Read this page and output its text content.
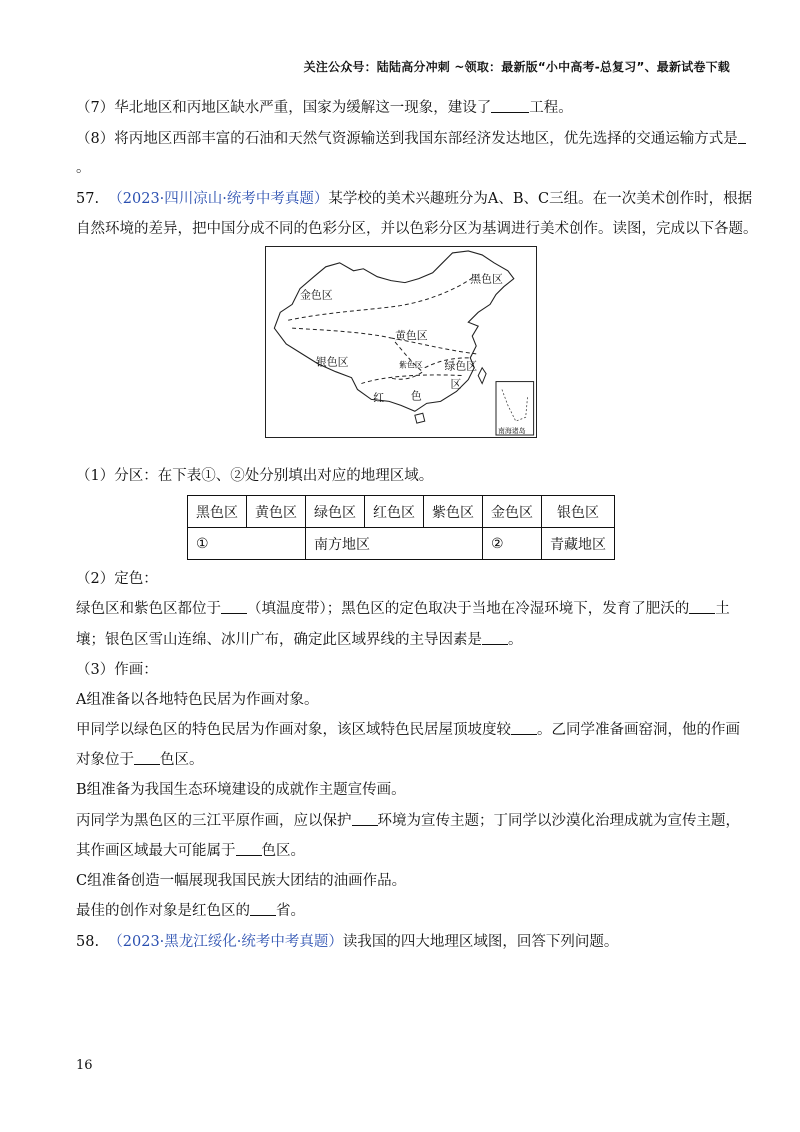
关注公众号：陆陆高分冲刺 ~领取：最新版“小中高考-总复习”、最新试卷下载
（7）华北地区和丙地区缺水严重，国家为缓解这一现象，建设了	工程。
（8）将丙地区西部丰富的石油和天然气资源输送到我国东部经济发达地区，优先选择的交通运输方式是
。
57. （2023·四川凉山·统考中考真题）某学校的美术兴趣班分为A、B、C三组。在一次美术创作时，根据
自然环境的差异，把中国分成不同的色彩分区，并以色彩分区为基调进行美术创作。读图，完成以下各题。
黑色区
金色区
黄色区
绿色区
区
银色区	紫色区
红 色
南海诸岛
（1）分区：在下表①、②处分别填出对应的地理区域。
黑色区	黄色区	绿色区	红色区	紫色区	金色区	银色区
①		南方地区			②	青藏地区
（2）定色：
绿色区和紫色区都位于 （填温度带）；黑色区的定色取决于当地在冷湿环境下，发育了肥沃的 土
壤；银色区雪山连绵、冰川广布，确定此区域界线的主导因素是 。
（3）作画：
A组准备以各地特色民居为作画对象。
甲同学以绿色区的特色民居为作画对象，该区域特色民居屋顶坡度较 。乙同学准备画窑洞，他的作画
对象位于 色区。
B组准备为我国生态环境建设的成就作主题宣传画。
丙同学为黑色区的三江平原作画，应以保护 环境为宣传主题；丁同学以沙漠化治理成就为宣传主题，
其作画区域最大可能属于 色区。
C组准备创造一幅展现我国民族大团结的油画作品。
最佳的创作对象是红色区的 省。
58. （2023·黑龙江绥化·统考中考真题）读我国的四大地理区域图，回答下列问题。
16
